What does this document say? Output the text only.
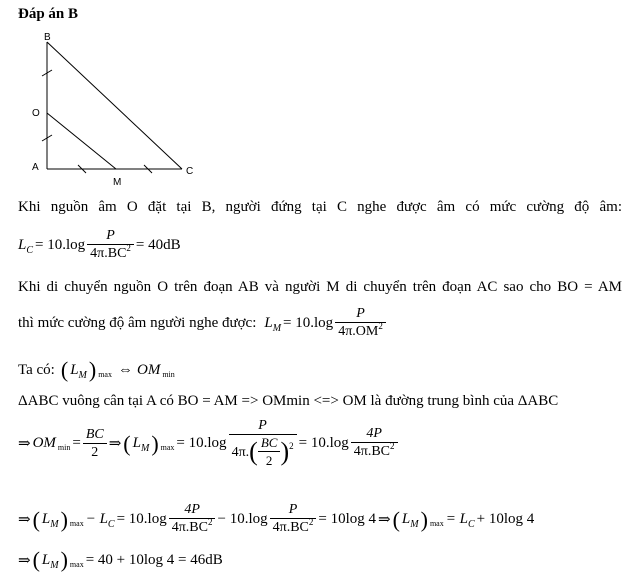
Đáp án B
B
O
A
M
C
Khi nguồn âm O đặt tại B, người đứng tại C nghe được âm có mức cường độ âm:
$L_C = 10.\log \frac{P}{4\pi.BC^2} = 40dB$
Khi di chuyển nguồn O trên đoạn AB và người M di chuyển trên đoạn AC sao cho BO = AM
thì mức cường độ âm người nghe được: $L_M = 10.\log \frac{P}{4\pi.OM^2}$
Ta có: ( $L_M$ ) max ⇔ OM min
ΔABC vuông cân tại A có BO = AM => OMmin <=> OM là đường trung bình của ΔABC
⇒ OM $\min = \frac{BC}{2}$ ⇒ ( $L_M$ ) $\max = 10.\log \frac{P}{4\pi. ( \frac{BC}{2} ) 2} = 10.\log \frac{4P}{4\pi.BC^2}$
⇒ ( $L_M$ ) $\max - L_C = 10.\log \frac{4P}{4\pi.BC^2} - 10.\log \frac{P}{4\pi.BC^2} = 10\log$ 4 ⇒ ( $L_M$ ) $\max = L_C + 10\log$ 4
⇒ ( $L_M$ ) max = 40 + 10log 4 = 46dB
